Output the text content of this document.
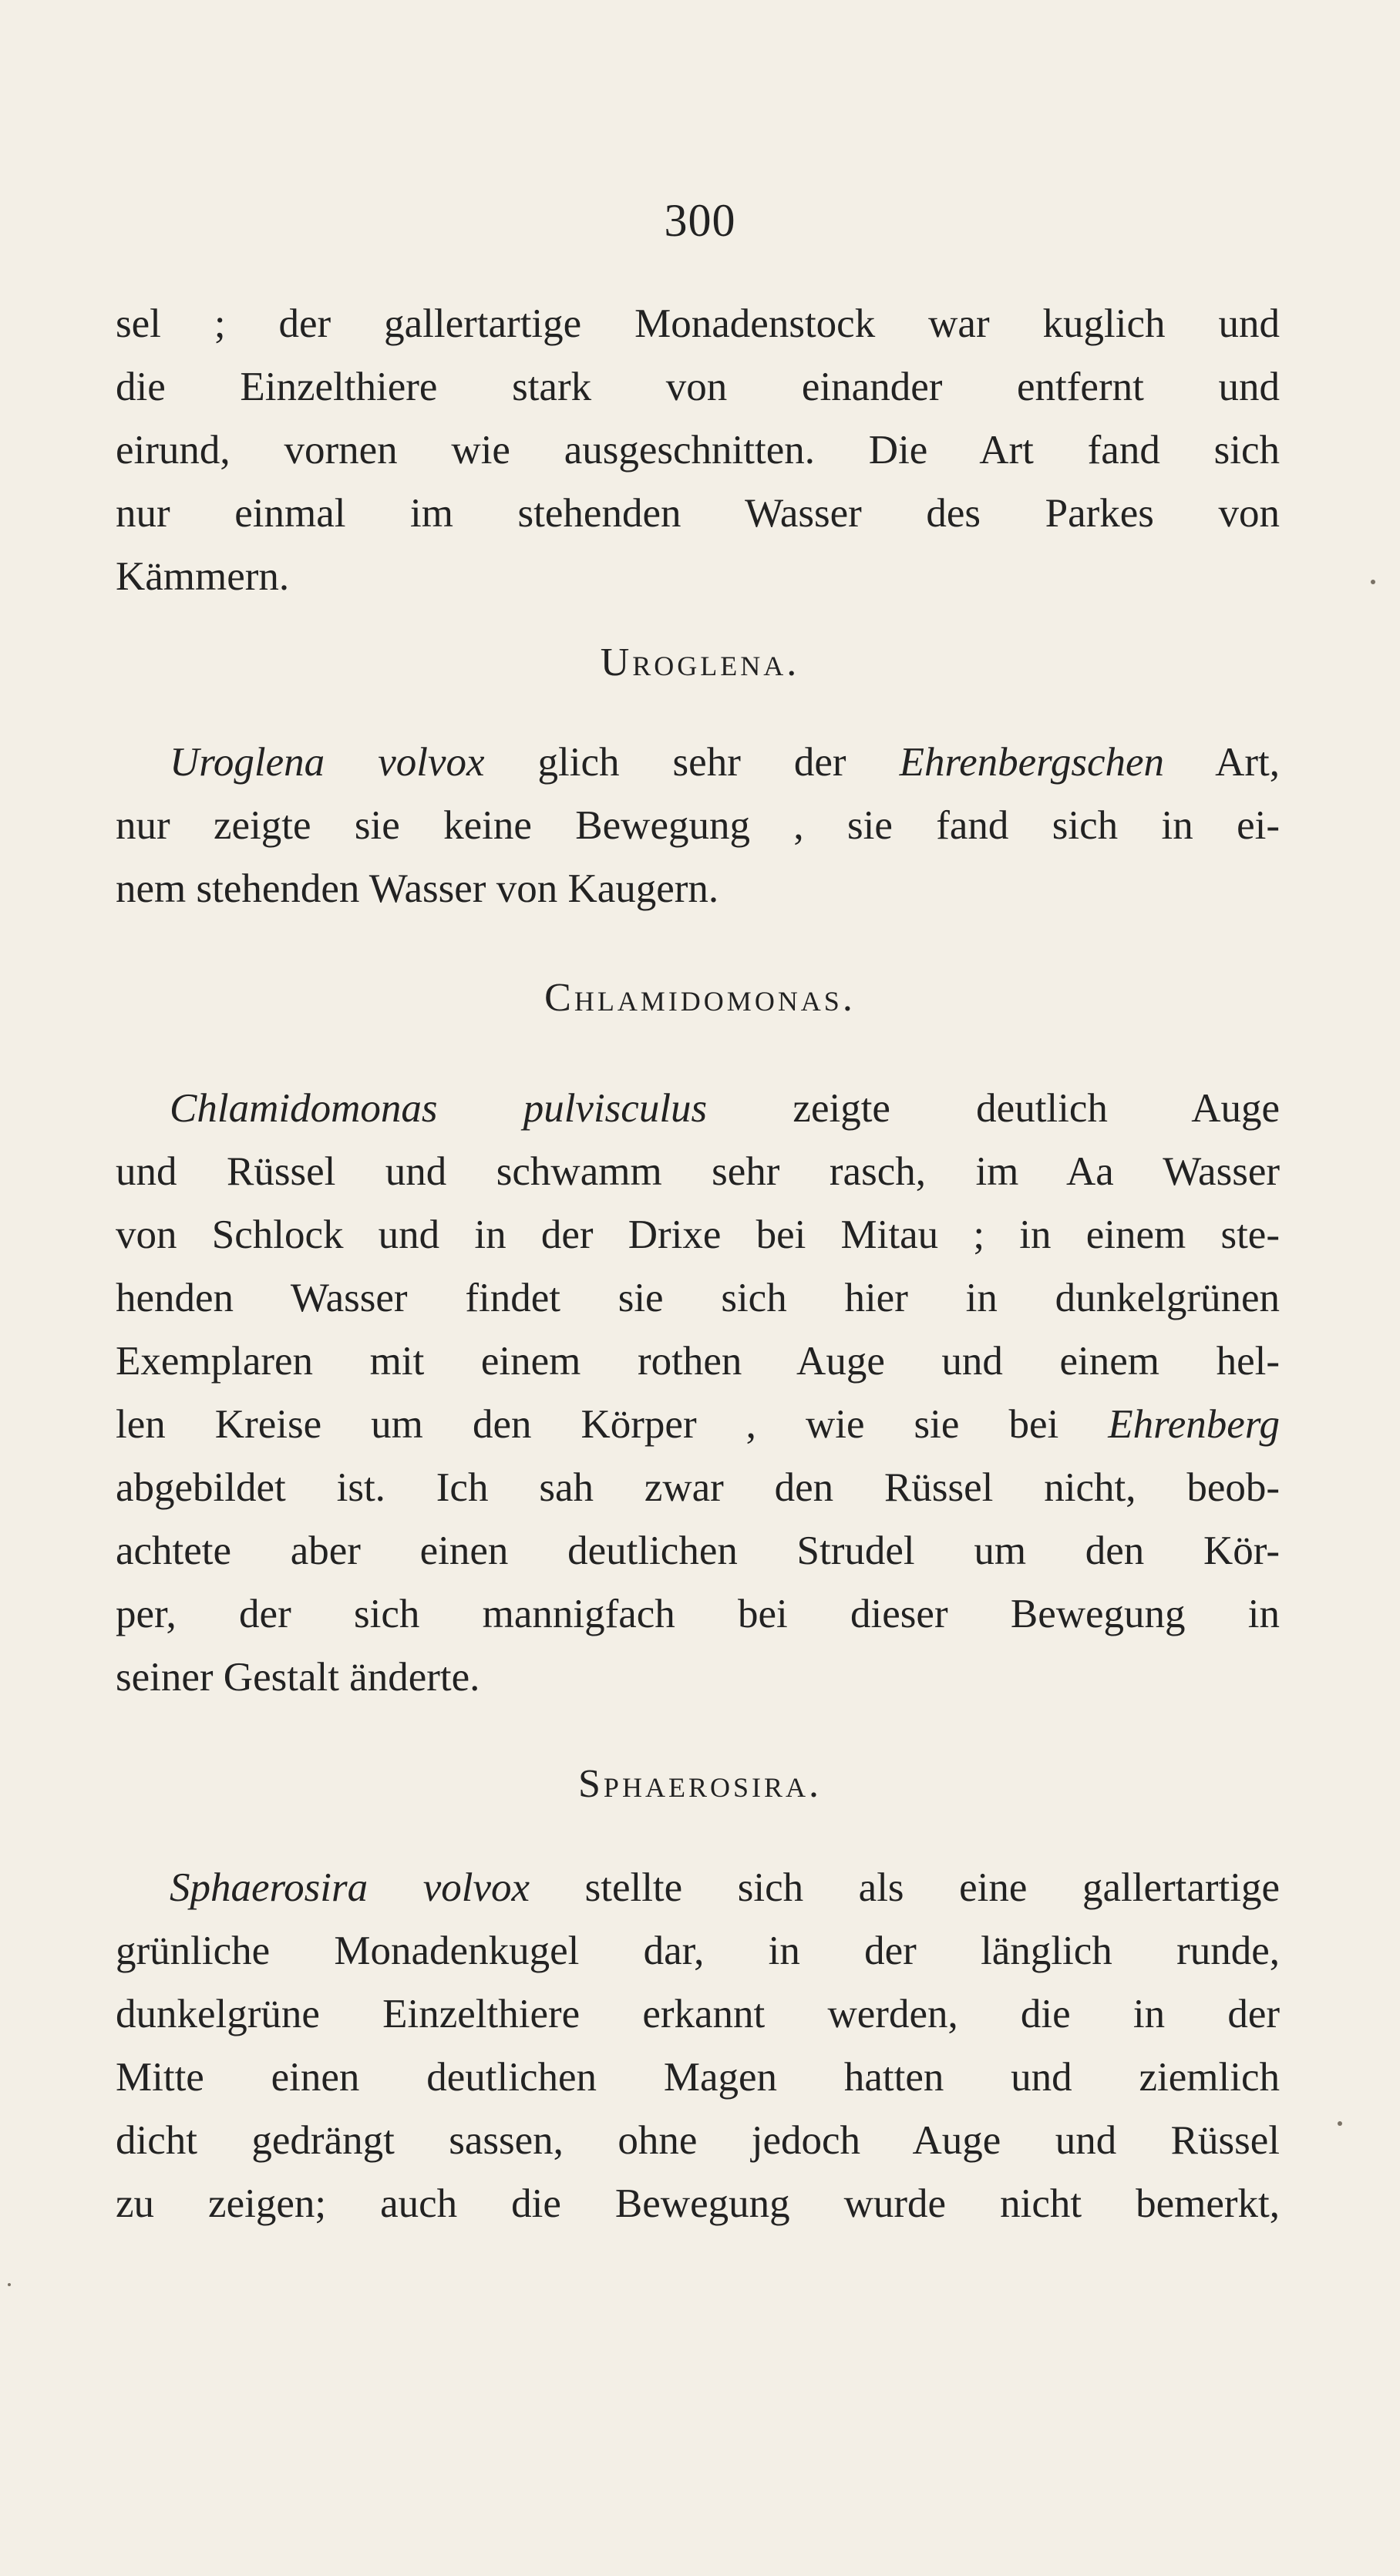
300
sel ; der gallertartige Monadenstock war kuglich und
die Einzelthiere stark von einander entfernt und
eirund, vornen wie ausgeschnitten. Die Art fand sich
nur einmal im stehenden Wasser des Parkes von
Kämmern.
Uroglena.
Uroglena volvox glich sehr der Ehrenbergschen Art,
nur zeigte sie keine Bewegung , sie fand sich in ei-
nem stehenden Wasser von Kaugern.
Chlamidomonas.
Chlamidomonas pulvisculus zeigte deutlich Auge
und Rüssel und schwamm sehr rasch, im Aa Wasser
von Schlock und in der Drixe bei Mitau ; in einem ste-
henden Wasser findet sie sich hier in dunkelgrünen
Exemplaren mit einem rothen Auge und einem hel-
len Kreise um den Körper , wie sie bei Ehrenberg
abgebildet ist. Ich sah zwar den Rüssel nicht, beob-
achtete aber einen deutlichen Strudel um den Kör-
per, der sich mannigfach bei dieser Bewegung in
seiner Gestalt änderte.
Sphaerosira.
Sphaerosira volvox stellte sich als eine gallertartige
grünliche Monadenkugel dar, in der länglich runde,
dunkelgrüne Einzelthiere erkannt werden, die in der
Mitte einen deutlichen Magen hatten und ziemlich
dicht gedrängt sassen, ohne jedoch Auge und Rüssel
zu zeigen; auch die Bewegung wurde nicht bemerkt,
